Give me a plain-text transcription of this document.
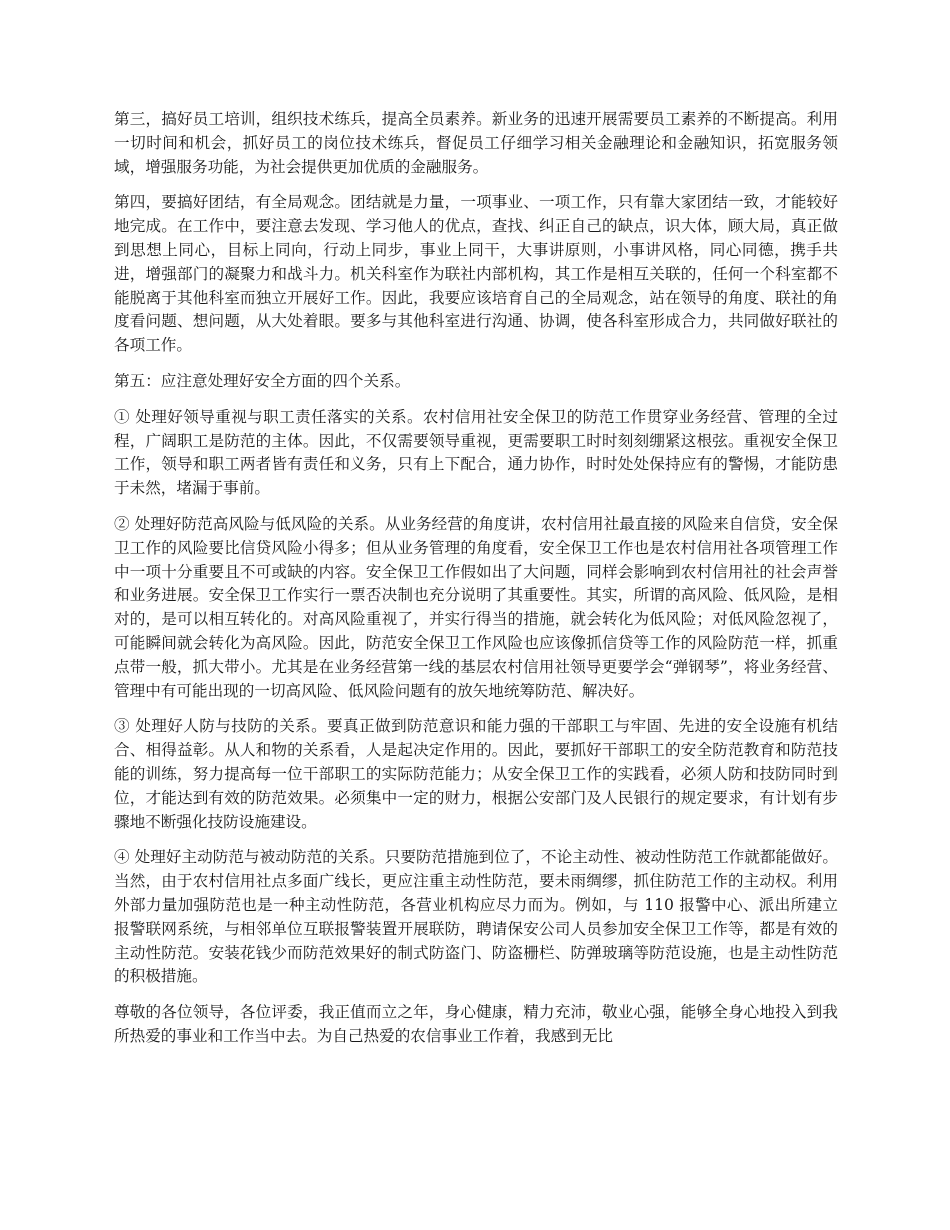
第三，搞好员工培训，组织技术练兵，提高全员素养。新业务的迅速开展需要员工素养的不断提高。利用一切时间和机会，抓好员工的岗位技术练兵，督促员工仔细学习相关金融理论和金融知识，拓宽服务领域，增强服务功能，为社会提供更加优质的金融服务。

第四，要搞好团结，有全局观念。团结就是力量，一项事业、一项工作，只有靠大家团结一致，才能较好地完成。在工作中，要注意去发现、学习他人的优点，查找、纠正自己的缺点，识大体，顾大局，真正做到思想上同心，目标上同向，行动上同步，事业上同干，大事讲原则，小事讲风格，同心同德，携手共进，增强部门的凝聚力和战斗力。机关科室作为联社内部机构，其工作是相互关联的，任何一个科室都不能脱离于其他科室而独立开展好工作。因此，我要应该培育自己的全局观念，站在领导的角度、联社的角度看问题、想问题，从大处着眼。要多与其他科室进行沟通、协调，使各科室形成合力，共同做好联社的各项工作。

第五：应注意处理好安全方面的四个关系。

① 处理好领导重视与职工责任落实的关系。农村信用社安全保卫的防范工作贯穿业务经营、管理的全过程，广阔职工是防范的主体。因此，不仅需要领导重视，更需要职工时时刻刻绷紧这根弦。重视安全保卫工作，领导和职工两者皆有责任和义务，只有上下配合，通力协作，时时处处保持应有的警惕，才能防患于未然，堵漏于事前。

② 处理好防范高风险与低风险的关系。从业务经营的角度讲，农村信用社最直接的风险来自信贷，安全保卫工作的风险要比信贷风险小得多；但从业务管理的角度看，安全保卫工作也是农村信用社各项管理工作中一项十分重要且不可或缺的内容。安全保卫工作假如出了大问题，同样会影响到农村信用社的社会声誉和业务进展。安全保卫工作实行一票否决制也充分说明了其重要性。其实，所谓的高风险、低风险，是相对的，是可以相互转化的。对高风险重视了，并实行得当的措施，就会转化为低风险；对低风险忽视了，可能瞬间就会转化为高风险。因此，防范安全保卫工作风险也应该像抓信贷等工作的风险防范一样，抓重点带一般，抓大带小。尤其是在业务经营第一线的基层农村信用社领导更要学会“弹钢琴”，将业务经营、管理中有可能出现的一切高风险、低风险问题有的放矢地统筹防范、解决好。

③ 处理好人防与技防的关系。要真正做到防范意识和能力强的干部职工与牢固、先进的安全设施有机结合、相得益彰。从人和物的关系看，人是起决定作用的。因此，要抓好干部职工的安全防范教育和防范技能的训练，努力提高每一位干部职工的实际防范能力；从安全保卫工作的实践看，必须人防和技防同时到位，才能达到有效的防范效果。必须集中一定的财力，根据公安部门及人民银行的规定要求，有计划有步骤地不断强化技防设施建设。

④ 处理好主动防范与被动防范的关系。只要防范措施到位了，不论主动性、被动性防范工作就都能做好。当然，由于农村信用社点多面广线长，更应注重主动性防范，要未雨绸缪，抓住防范工作的主动权。利用外部力量加强防范也是一种主动性防范，各营业机构应尽力而为。例如，与 110 报警中心、派出所建立报警联网系统，与相邻单位互联报警装置开展联防，聘请保安公司人员参加安全保卫工作等，都是有效的主动性防范。安装花钱少而防范效果好的制式防盗门、防盗栅栏、防弹玻璃等防范设施，也是主动性防范的积极措施。

尊敬的各位领导，各位评委，我正值而立之年，身心健康，精力充沛，敬业心强，能够全身心地投入到我所热爱的事业和工作当中去。为自己热爱的农信事业工作着，我感到无比
